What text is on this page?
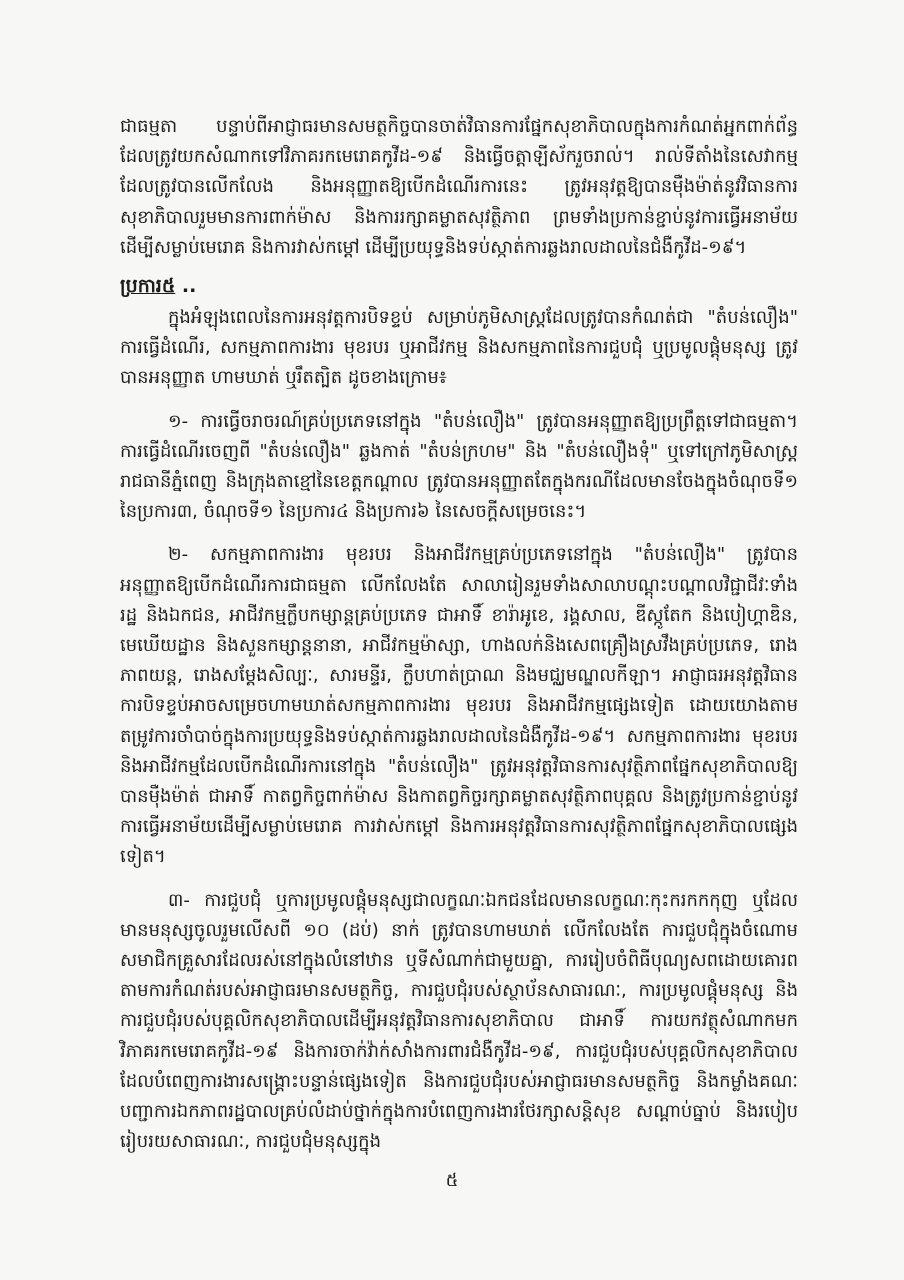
ជាធម្មតា បន្ទាប់ពីអាជ្ញាធរមានសមត្ថកិច្ចបានចាត់វិធានការផ្នែកសុខាភិបាលក្នុងការកំណត់អ្នកពាក់ព័ន្ធ ដែលត្រូវយកសំណាកទៅវិភាគរកមេរោគកូវីដ-១៩ និងធ្វើចត្តាឡីស័ករួចរាល់។ រាល់ទីតាំងនៃសេវាកម្មដែលត្រូវបានលើកលែង និងអនុញ្ញាតឱ្យបើកដំណើរការនេះ ត្រូវអនុវត្តឱ្យបានម៉ឺងម៉ាត់នូវវិធានការសុខាភិបាលរួមមានការពាក់ម៉ាស និងការរក្សាគម្លាតសុវត្ថិភាព ព្រមទាំងប្រកាន់ខ្ជាប់នូវការធ្វើអនាម័យដើម្បីសម្លាប់មេរោគ និងការវាស់កម្ដៅ ដើម្បីប្រយុទ្ធនិងទប់ស្កាត់ការឆ្លងរាលដាលនៃជំងឺកូវីដ-១៩។

ប្រការ៥ ..

ក្នុងអំឡុងពេលនៃការអនុវត្តការបិទខ្ទប់ សម្រាប់ភូមិសាស្ត្រដែលត្រូវបានកំណត់ជា "តំបន់លឿង" ការធ្វើដំណើរ, សកម្មភាពការងារ មុខរបរ ឬអាជីវកម្ម និងសកម្មភាពនៃការជួបជុំ ឬប្រមូលផ្តុំមនុស្ស ត្រូវបានអនុញ្ញាត ហាមឃាត់ ឬរឹតត្បិត ដូចខាងក្រោម៖

១- ការធ្វើចរាចរណ៍គ្រប់ប្រភេទនៅក្នុង "តំបន់លឿង" ត្រូវបានអនុញ្ញាតឱ្យប្រព្រឹត្តទៅជាធម្មតា។ ការធ្វើដំណើរចេញពី "តំបន់លឿង" ឆ្លងកាត់ "តំបន់ក្រហម" និង "តំបន់លឿងទុំ" ឬទៅក្រៅភូមិសាស្ត្ររាជធានីភ្នំពេញ និងក្រុងតាខ្មៅនៃខេត្តកណ្ដាល ត្រូវបានអនុញ្ញាតតែក្នុងករណីដែលមានចែងក្នុងចំណុចទី១ នៃប្រការ៣, ចំណុចទី១ នៃប្រការ៤ និងប្រការ៦ នៃសេចក្ដីសម្រេចនេះ។

២- សកម្មភាពការងារ មុខរបរ និងអាជីវកម្មគ្រប់ប្រភេទនៅក្នុង "តំបន់លឿង" ត្រូវបានអនុញ្ញាតឱ្យបើកដំណើរការជាធម្មតា លើកលែងតែ សាលារៀនរួមទាំងសាលាបណ្ដុះបណ្ដាលវិជ្ជាជីវៈទាំងរដ្ឋ និងឯកជន, អាជីវកម្មក្លឹបកម្សាន្តគ្រប់ប្រភេទ ជាអាទិ៍ ខារ៉ាអូខេ, រង្គសាល, ឌីស្កូតែក និងបៀហ្គាឌិន, មេឃើយដ្ឋាន និងសួនកម្សាន្តនានា, អាជីវកម្មម៉ាស្សា, ហាងលក់និងសេពគ្រឿងស្រវឹងគ្រប់ប្រភេទ, រោងភាពយន្ត, រោងសម្ដែងសិល្បៈ, សារមន្ទីរ, ក្លឹបហាត់ប្រាណ និងមជ្ឈមណ្ឌលកីឡា។ អាជ្ញាធរអនុវត្តវិធានការបិទខ្ទប់អាចសម្រេចហាមឃាត់សកម្មភាពការងារ មុខរបរ និងអាជីវកម្មផ្សេងទៀត ដោយយោងតាមតម្រូវការចាំបាច់ក្នុងការប្រយុទ្ធនិងទប់ស្កាត់ការឆ្លងរាលដាលនៃជំងឺកូវីដ-១៩។ សកម្មភាពការងារ មុខរបរ និងអាជីវកម្មដែលបើកដំណើរការនៅក្នុង "តំបន់លឿង" ត្រូវអនុវត្តវិធានការសុវត្ថិភាពផ្នែកសុខាភិបាលឱ្យបានម៉ឺងម៉ាត់ ជាអាទិ៍ កាតព្វកិច្ចពាក់ម៉ាស និងកាតព្វកិច្ចរក្សាគម្លាតសុវត្ថិភាពបុគ្គល និងត្រូវប្រកាន់ខ្ជាប់នូវការធ្វើអនាម័យដើម្បីសម្លាប់មេរោគ ការវាស់កម្ដៅ និងការអនុវត្តវិធានការសុវត្ថិភាពផ្នែកសុខាភិបាលផ្សេងទៀត។

៣- ការជួបជុំ ឬការប្រមូលផ្តុំមនុស្សជាលក្ខណៈឯកជនដែលមានលក្ខណៈកុះករកកកុញ ឬដែលមានមនុស្សចូលរួមលើសពី ១០ (ដប់) នាក់ ត្រូវបានហាមឃាត់ លើកលែងតែ ការជួបជុំក្នុងចំណោមសមាជិកគ្រួសារដែលរស់នៅក្នុងលំនៅឋាន ឬទីសំណាក់ជាមួយគ្នា, ការរៀបចំពិធីបុណ្យសពដោយគោរពតាមការកំណត់របស់អាជ្ញាធរមានសមត្ថកិច្ច, ការជួបជុំរបស់ស្ថាប័នសាធារណៈ, ការប្រមូលផ្តុំមនុស្ស និងការជួបជុំរបស់បុគ្គលិកសុខាភិបាលដើម្បីអនុវត្តវិធានការសុខាភិបាល ជាអាទិ៍ ការយកវត្ថុសំណាកមកវិភាគរកមេរោគកូវីដ-១៩ និងការចាក់វ៉ាក់សាំងការពារជំងឺកូវីដ-១៩, ការជួបជុំរបស់បុគ្គលិកសុខាភិបាលដែលបំពេញការងារសង្គ្រោះបន្ទាន់ផ្សេងទៀត និងការជួបជុំរបស់អាជ្ញាធរមានសមត្ថកិច្ច និងកម្លាំងគណៈបញ្ជាការឯកភាពរដ្ឋបាលគ្រប់លំដាប់ថ្នាក់ក្នុងការបំពេញការងារថែរក្សាសន្តិសុខ សណ្ដាប់ធ្នាប់ និងរបៀបរៀបរយសាធារណៈ, ការជួបជុំមនុស្សក្នុង

៥
